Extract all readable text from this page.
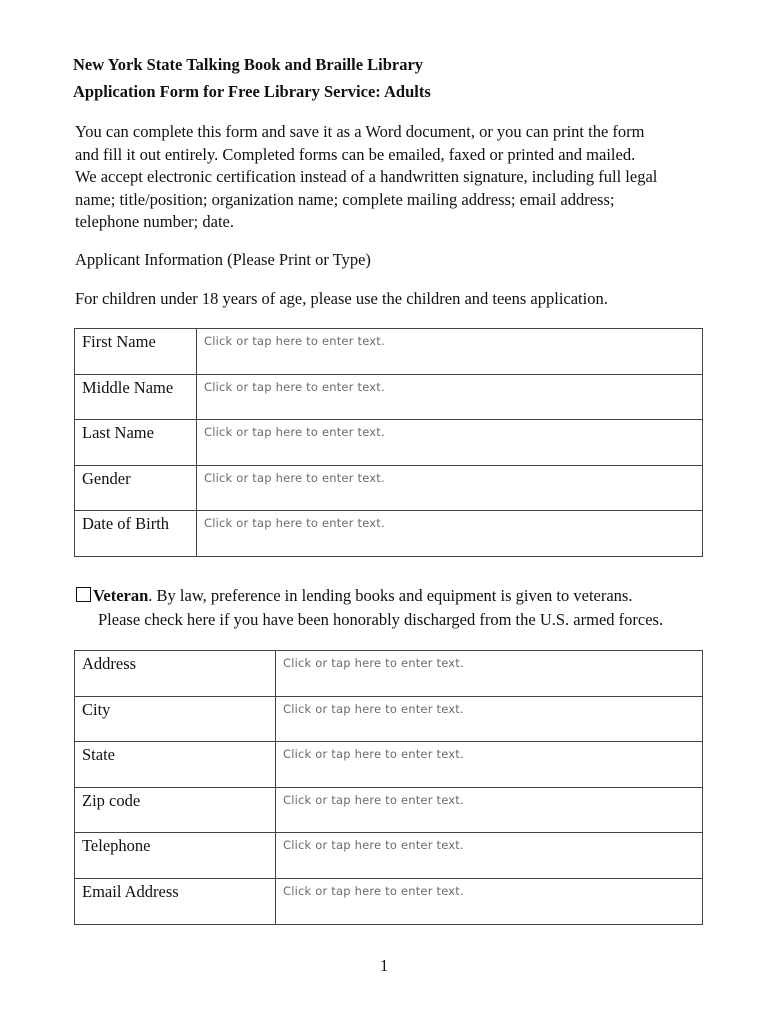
New York State Talking Book and Braille Library
Application Form for Free Library Service: Adults
You can complete this form and save it as a Word document, or you can print the form
and fill it out entirely. Completed forms can be emailed, faxed or printed and mailed.
We accept electronic certification instead of a handwritten signature, including full legal
name; title/position; organization name; complete mailing address; email address;
telephone number; date.
Applicant Information (Please Print or Type)
For children under 18 years of age, please use the children and teens application.
First Name	Click or tap here to enter text.
Middle Name	Click or tap here to enter text.
Last Name	Click or tap here to enter text.
Gender	Click or tap here to enter text.
Date of Birth	Click or tap here to enter text.
Veteran. By law, preference in lending books and equipment is given to veterans.
Please check here if you have been honorably discharged from the U.S. armed forces.
Address	Click or tap here to enter text.
City	Click or tap here to enter text.
State	Click or tap here to enter text.
Zip code	Click or tap here to enter text.
Telephone	Click or tap here to enter text.
Email Address	Click or tap here to enter text.
1
